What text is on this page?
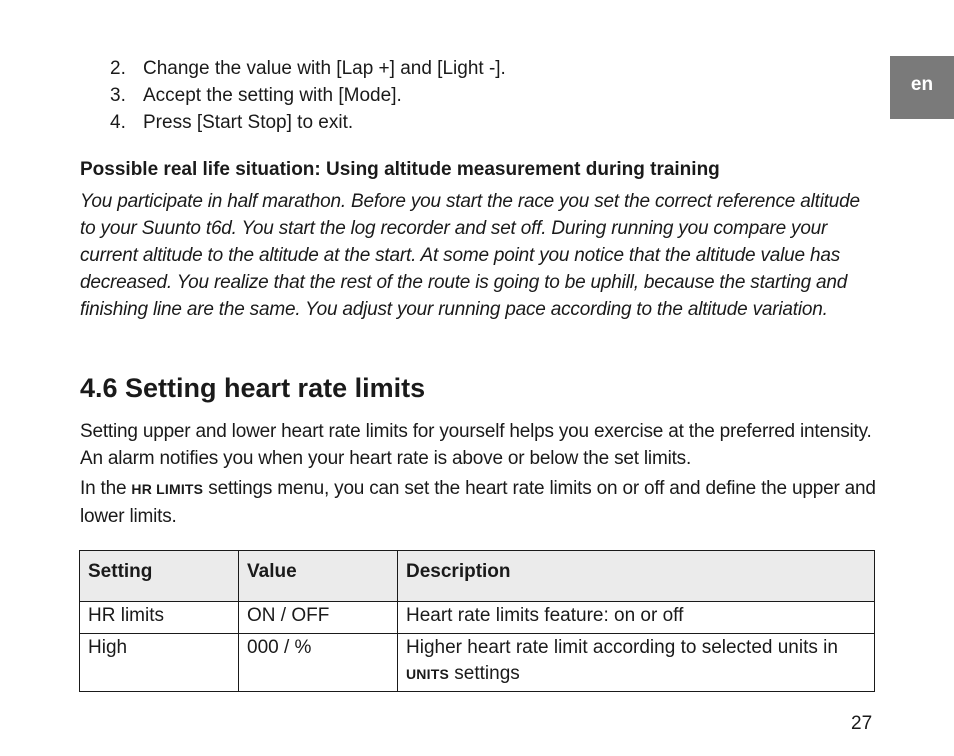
en
2. Change the value with [Lap +] and [Light -].
3. Accept the setting with [Mode].
4. Press [Start Stop] to exit.
Possible real life situation: Using altitude measurement during training
You participate in half marathon. Before you start the race you set the correct reference altitude to your Suunto t6d. You start the log recorder and set off. During running you compare your current altitude to the altitude at the start. At some point you notice that the altitude value has decreased. You realize that the rest of the route is going to be uphill, because the starting and finishing line are the same. You adjust your running pace according to the altitude variation.
4.6 Setting heart rate limits
Setting upper and lower heart rate limits for yourself helps you exercise at the preferred intensity. An alarm notifies you when your heart rate is above or below the set limits.
In the HR LIMITS settings menu, you can set the heart rate limits on or off and define the upper and lower limits.
Setting	Value	Description
HR limits	ON / OFF	Heart rate limits feature: on or off
High	000 / %	Higher heart rate limit according to selected units in UNITS settings
27
